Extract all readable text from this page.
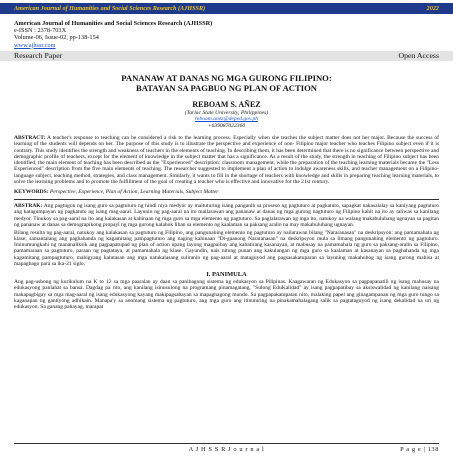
American Journal of Humanities and Social Sciences Research (AJHSSR)	2022
American Journal of Humanities and Social Sciences Research (AJHSSR)
e-ISSN : 2378-703X
Volume-06, Issue-02, pp-138-154
www.ajhssr.com
Research Paper	Open Access
PANANAW AT DANAS NG MGA GURONG FILIPINO:
BATAYAN SA PAGBUO NG PLAN OF ACTION
REBOAM S. AÑEZ
(Tarlac State University, Philippines)
reboam.anez@deped.gov.ph
+639087022360
ABSTRACT: A teacher's response to teaching can be considered a risk to the learning process. Especially when she teaches the subject matter does not her major. Because the success of learning of the students will depends on her. The purpose of this study is to illustrate the perspective and experience of non- Filipino major teacher who teaches Filipino subject even if it is contrary. This study identifies the strength and weakness of teachers in the elements of teaching. In describing them, it has been determined that there is no significance between perspective and demographic profile of teachers, except for the element of knowledge in the subject matter that has a significance. As a result of the study, the strength in teaching of Filipino subject has been identified, the main element of teaching has been described as the "Experienced" description: classroom management, while the preparation of the teaching learning materials became the "Less Experienced" description from the five main elements of teaching. The researcher suggested to implement a plan of action to indulge awareness skills, and teacher management on a Filipino-language subject, teaching method, strategies, and class management. Similarly, it wants to fill in the shortage of teachers with knowledge and skills in preparing teaching learning materials, to solve the learning problems and to promote the fulfillment of the goal of creating a teacher who is effective and innovative for the 21st century.
KEYWORDS: Perspective, Experience, Plan of Action, Learning Materials, Subject Matter

ABSTRAK: Ang pagtugon ng isang guro sa pagtuturo ng hindi niya medyor ay maituturing isang panganib sa proseso ng pagtuturo at pagkatuto, sapagkat nakasalalay sa kaniyang pagtuturo ang katagumpayan ng pagkatuto ng isang mag-aaral. Layunin ng pag-aaral na ito mailarawan ang pananaw at danas ng mga gurong nagtuturo ng Filipino kahit na ito ay taliwas sa kanilang medyor. Tinukoy sa pag-aaral na ito ang kalakasan at kahinaan ng mga guro sa mga elemento ng pagtuturo. Sa paglalarawan ng mga ito, natukoy na walang makabuluhang ugnayan sa pagitan ng pananaw at danas sa demograpikong propayl ng mga gurong kalahok liban sa elemento ng kaalaman sa paksang aralin na may makabuluhang ugnayan.

Bilang resulta ng pag-aaral, natukoy ang kalakasan sa pagtuturo ng Filipino, ang pangunahing elemento ng pagtuturo ay nailarawan bilang "Nararanasan" na deskripsyon: ang pamamahala ng klase; samantalang ang paghahanda ng kagamitang pampagtuturo ang naging kahinaan "Di-gaanong Nararanasan" na deskripsyon mula sa limang pangunahing elemento ng pagtuturo. Iminumungkahi ng mananaliksik ang pagpapatupad ng plan of action upang layong magpaibay ang kabatirang kasanayan, at mabusay na pamamahala ng guro sa paksang-aralin sa Filipino, pamamaraan sa pagtuturo, paraan ng pagtataya, at pamamahala ng klase. Gayundin, nais nitong punan ang kakulangan ng mga guro sa kaalaman at kasanayan sa paghahanda ng mga kagamitang pampagtuturo, mabigyang kalutasan ang mga natukalasang suliranin ng pag-aaral at mataguyod ang pagsasakatuparan sa layuning makahubog ng isang gurong mabisa at mapagbago para sa ika-21 siglo.

I. PANIMULA
Ang pag-usbong ng kurikulum na K to 12 sa mga paaralan ay daan sa panibagong sistema ng edukasyon sa Pilipinas. Kaagawaran ng Edukasyon sa pagpapanatili ng isang mahusay na edukasyong panlahat sa bansa. Dagdag pa rito, ang kanilang isinusulong na programang pinamagatang, "Sulong EduKalidad" ay isang pagpapatibay sa aksiswalidad ng kanilang naisang makapagbigay sa mga mag-aaral ng isang edukasyong kayang makipagsabayan sa mapaghagong mundo. Sa pagpapakatupatan nito, malaking papel ang ginagampanan ng mga guro tungo sa kaganapan ng gantiyong adhikain. Manapa'y sa anomang sistema ng pagtuturo, ang mga guro ang itinuturing na pinakamahalagang salik sa pagtataguyod ng isang dekalidad na uri ng edukasyon. Sa ganang pahayag, marapat
A J H S S R J o u r n a l	P a g e | 138
